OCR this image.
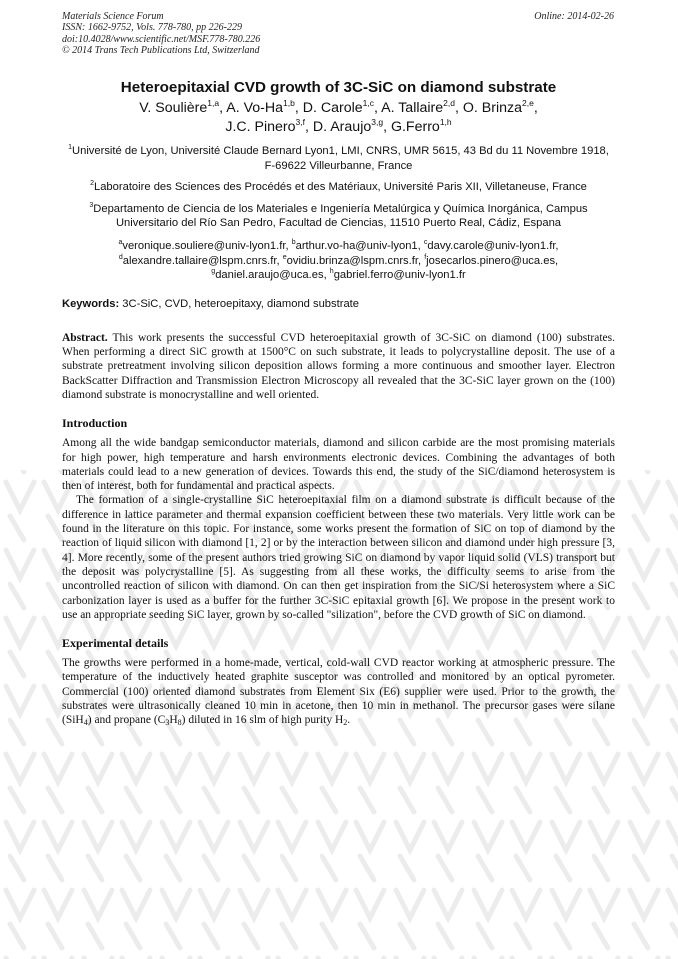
Materials Science Forum
ISSN: 1662-9752, Vols. 778-780, pp 226-229
doi:10.4028/www.scientific.net/MSF.778-780.226
© 2014 Trans Tech Publications Ltd, Switzerland
Online: 2014-02-26
Heteroepitaxial CVD growth of 3C-SiC on diamond substrate
V. Soulière$^{1,a}$, A. Vo-Ha$^{1,b}$, D. Carole$^{1,c}$, A. Tallaire$^{2,d}$, O. Brinza$^{2,e}$,
J.C. Pinero$^{3,f}$, D. Araujo$^{3,g}$, G.Ferro$^{1,h}$
$^1$Université de Lyon, Université Claude Bernard Lyon1, LMI, CNRS, UMR 5615, 43 Bd du 11 Novembre 1918, F-69622 Villeurbanne, France
$^2$Laboratoire des Sciences des Procédés et des Matériaux, Université Paris XII, Villetaneuse, France
$^3$Departamento de Ciencia de los Materiales e Ingeniería Metalúrgica y Química Inorgánica, Campus Universitario del Río San Pedro, Facultad de Ciencias, 11510 Puerto Real, Cádiz, Espana
$^a$veronique.souliere@univ-lyon1.fr, $^b$arthur.vo-ha@univ-lyon1, $^c$davy.carole@univ-lyon1.fr,
$^d$alexandre.tallaire@lspm.cnrs.fr, $^e$ovidiu.brinza@lspm.cnrs.fr, $^f$josecarlos.pinero@uca.es,
$^g$daniel.araujo@uca.es, $^h$gabriel.ferro@univ-lyon1.fr
Keywords: 3C-SiC, CVD, heteroepitaxy, diamond substrate
Abstract. This work presents the successful CVD heteroepitaxial growth of 3C-SiC on diamond (100) substrates. When performing a direct SiC growth at 1500°C on such substrate, it leads to polycrystalline deposit. The use of a substrate pretreatment involving silicon deposition allows forming a more continuous and smoother layer. Electron BackScatter Diffraction and Transmission Electron Microscopy all revealed that the 3C-SiC layer grown on the (100) diamond substrate is monocrystalline and well oriented.
Introduction
Among all the wide bandgap semiconductor materials, diamond and silicon carbide are the most promising materials for high power, high temperature and harsh environments electronic devices. Combining the advantages of both materials could lead to a new generation of devices. Towards this end, the study of the SiC/diamond heterosystem is then of interest, both for fundamental and practical aspects.
The formation of a single-crystalline SiC heteroepitaxial film on a diamond substrate is difficult because of the difference in lattice parameter and thermal expansion coefficient between these two materials. Very little work can be found in the literature on this topic. For instance, some works present the formation of SiC on top of diamond by the reaction of liquid silicon with diamond [1, 2] or by the interaction between silicon and diamond under high pressure [3, 4]. More recently, some of the present authors tried growing SiC on diamond by vapor liquid solid (VLS) transport but the deposit was polycrystalline [5]. As suggesting from all these works, the difficulty seems to arise from the uncontrolled reaction of silicon with diamond. On can then get inspiration from the SiC/Si heterosystem where a SiC carbonization layer is used as a buffer for the further 3C-SiC epitaxial growth [6]. We propose in the present work to use an appropriate seeding SiC layer, grown by so-called "silization", before the CVD growth of SiC on diamond.
Experimental details
The growths were performed in a home-made, vertical, cold-wall CVD reactor working at atmospheric pressure. The temperature of the inductively heated graphite susceptor was controlled and monitored by an optical pyrometer. Commercial (100) oriented diamond substrates from Element Six (E6) supplier were used. Prior to the growth, the substrates were ultrasonically cleaned 10 min in acetone, then 10 min in methanol. The precursor gases were silane (SiH$_4$) and propane $(C_3H_8)$ diluted in 16 slm of high purity $H_2$.
